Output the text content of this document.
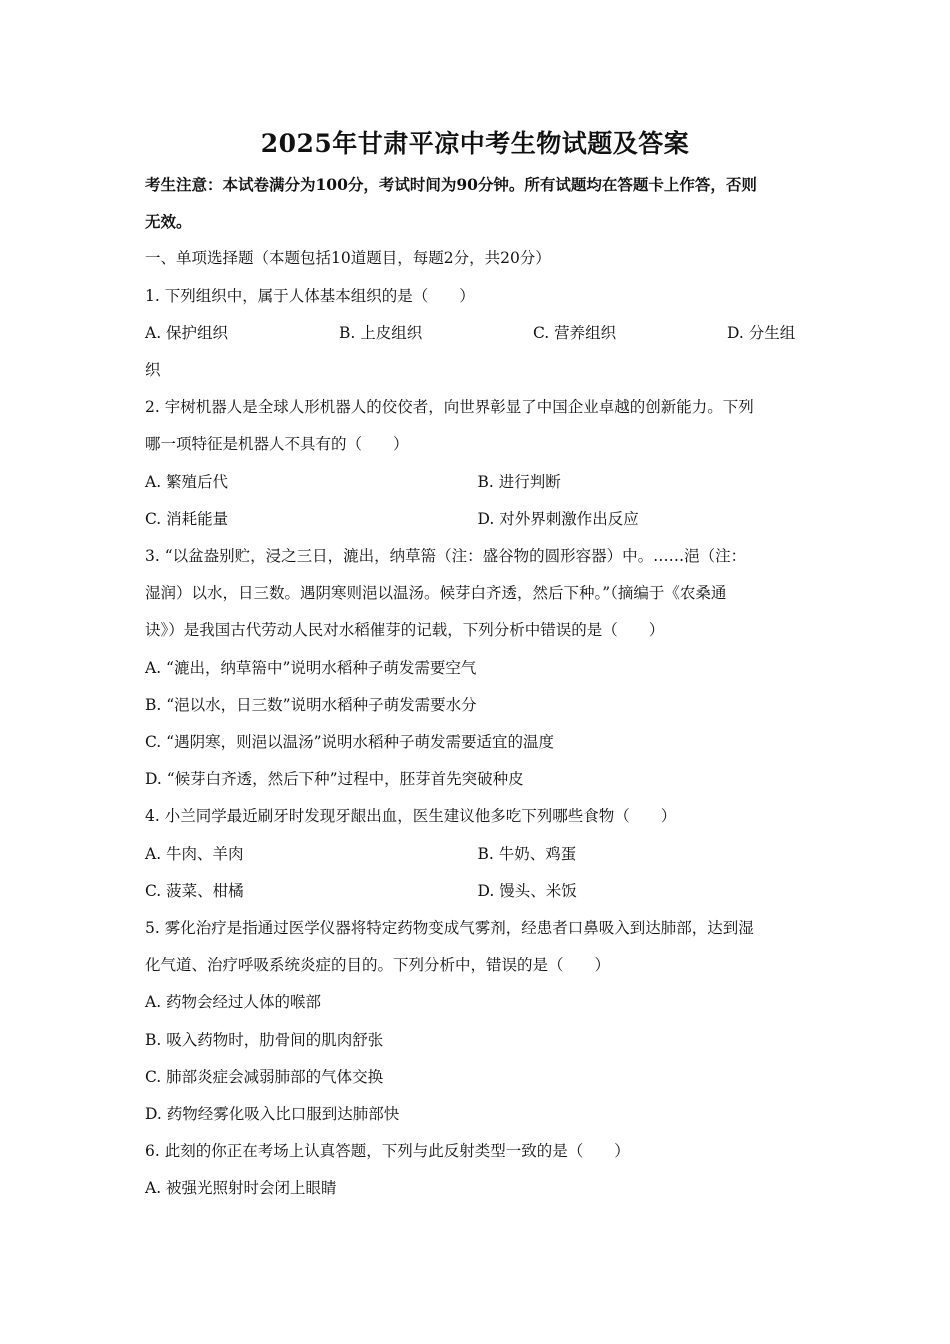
2025年甘肃平凉中考生物试题及答案

考生注意：本试卷满分为100分，考试时间为90分钟。所有试题均在答题卡上作答，否则

无效。

一、单项选择题（本题包括10道题目，每题2分，共20分）

1. 下列组织中，属于人体基本组织的是（　　）

A. 保护组织	B. 上皮组织	C. 营养组织	D. 分生组

织

2. 宇树机器人是全球人形机器人的佼佼者，向世界彰显了中国企业卓越的创新能力。下列

哪一项特征是机器人不具有的（　　）

A. 繁殖后代	B. 进行判断

C. 消耗能量	D. 对外界刺激作出反应

3. “以盆盎别贮，浸之三日，漉出，纳草篅（注：盛谷物的圆形容器）中。……浥（注：

湿润）以水，日三数。遇阴寒则浥以温汤。候芽白齐透，然后下种。”（摘编于《农桑通

诀》）是我国古代劳动人民对水稻催芽的记载，下列分析中错误的是（　　）

A. “漉出，纳草篅中”说明水稻种子萌发需要空气

B. “浥以水，日三数”说明水稻种子萌发需要水分

C. “遇阴寒，则浥以温汤”说明水稻种子萌发需要适宜的温度

D. “候芽白齐透，然后下种”过程中，胚芽首先突破种皮

4. 小兰同学最近刷牙时发现牙龈出血，医生建议他多吃下列哪些食物（　　）

A. 牛肉、羊肉	B. 牛奶、鸡蛋

C. 菠菜、柑橘	D. 馒头、米饭

5. 雾化治疗是指通过医学仪器将特定药物变成气雾剂，经患者口鼻吸入到达肺部，达到湿

化气道、治疗呼吸系统炎症的目的。下列分析中，错误的是（　　）

A. 药物会经过人体的喉部

B. 吸入药物时，肋骨间的肌肉舒张

C. 肺部炎症会减弱肺部的气体交换

D. 药物经雾化吸入比口服到达肺部快

6. 此刻的你正在考场上认真答题，下列与此反射类型一致的是（　　）

A. 被强光照射时会闭上眼睛
